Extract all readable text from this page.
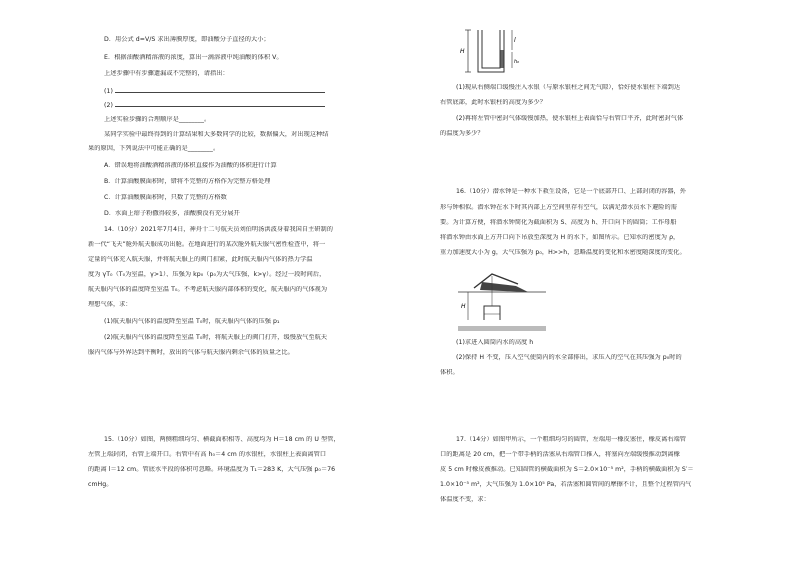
D．用公式 d=V/S 求出薄膜厚度，即油酸分子直径的大小；
E．根据油酸酒精溶液的浓度，算出一滴溶液中纯油酸的体积 V。
上述步骤中有步骤遗漏或不完整的，请指出：
(1)
(2)
上述实验步骤的合理顺序是________。
某同学实验中最终得到的计算结果和大多数同学的比较，数据偏大，对出现这种结
果的原因，下列说法中可能正确的是________。
A．错误地将油酸酒精溶液的体积直接作为油酸的体积进行计算
B．计算油酸膜面积时，错将不完整的方格作为完整方格处理
C．计算油酸膜面积时，只数了完整的方格数
D．水面上痱子粉撒得较多，油酸膜没有充分展开
14.（10分）2021年7月4日，神舟十二号航天员刘伯明汤洪波身着我国自主研制的
新一代“飞天”舱外航天服成功出舱。在地面进行的某次舱外航天服气密性检查中，将一
定量的气体充入航天服，并将航天服上的阀门扣紧，此时航天服内气体的热力学温
度为 γT₀（T₀为室温，γ>1）、压强为 kp₀（p₀为大气压强，k>γ）。经过一段时间后，
航天服内气体的温度降至室温 T₀。不考虑航天服内部体积的变化，航天服内的气体视为
理想气体，求：
(1)航天服内气体的温度降至室温 T₀时，航天服内气体的压强 p₁
(2)航天服内气体的温度降至室温 T₀时，将航天服上的阀门打开，缓慢放气至航天
服内气体与外界达到平衡时，放出的气体与航天服内剩余气体的质量之比。
15.（10分）如图，两侧粗细均匀、横截面积相等、高度均为 H＝18 cm 的 U 型管，
左管上端封闭，右管上端开口。右管中有高 h₀＝4 cm 的水银柱，水银柱上表面离管口
的距离 l＝12 cm。管底水平段的体积可忽略。环境温度为 T₁＝283 K，大气压强 p₀＝76
cmHg。
H
l
h₀
(1)现从右侧端口缓慢注入水银（与原水银柱之间无气隙），恰好使水银柱下端到达
右管底部，此时水银柱的高度为多少？
(2)再将左管中密封气体缓慢加热，使水银柱上表面恰与右管口平齐，此时密封气体
的温度为多少？
16.（10分）潜水钟是一种水下救生设备，它是一个底部开口、上部封闭的容器，外
形与钟相似。潜水钟在水下时其内部上方空间里存有空气，以满足潜水员水下避险的需
要。为计算方便，将潜水钟简化为截面积为 S、高度为 h、开口向下的圆筒；工作母船
将潜水钟由水面上方开口向下吊放至深度为 H 的水下，如图所示。已知水的密度为 ρ，
重力加速度大小为 g，大气压强为 p₀，H>>h，忽略温度的变化和水密度随深度的变化。
(1)求进入圆筒内水的高度 h
(2)保持 H 不变，压入空气使筒内的水全部排出，求压入的空气在其压强为 p₀时的
体积。
17.（14分）如图甲所示，一个粗细均匀的圆管，左端用一橡皮塞住，橡皮离右端管
口的距离是 20 cm，把一个带手柄的活塞从右端管口推入，将塞向左端缓慢推动到离橡
皮 5 cm 时橡皮被推动。已知圆管的横截面积为 S＝2.0×10⁻⁵ m²，手柄的横截面积为 S′＝
1.0×10⁻⁵ m²，大气压强为 1.0×10⁵ Pa，若活塞和圆管间的摩擦不计，且整个过程管内气
体温度不变，求：
H
